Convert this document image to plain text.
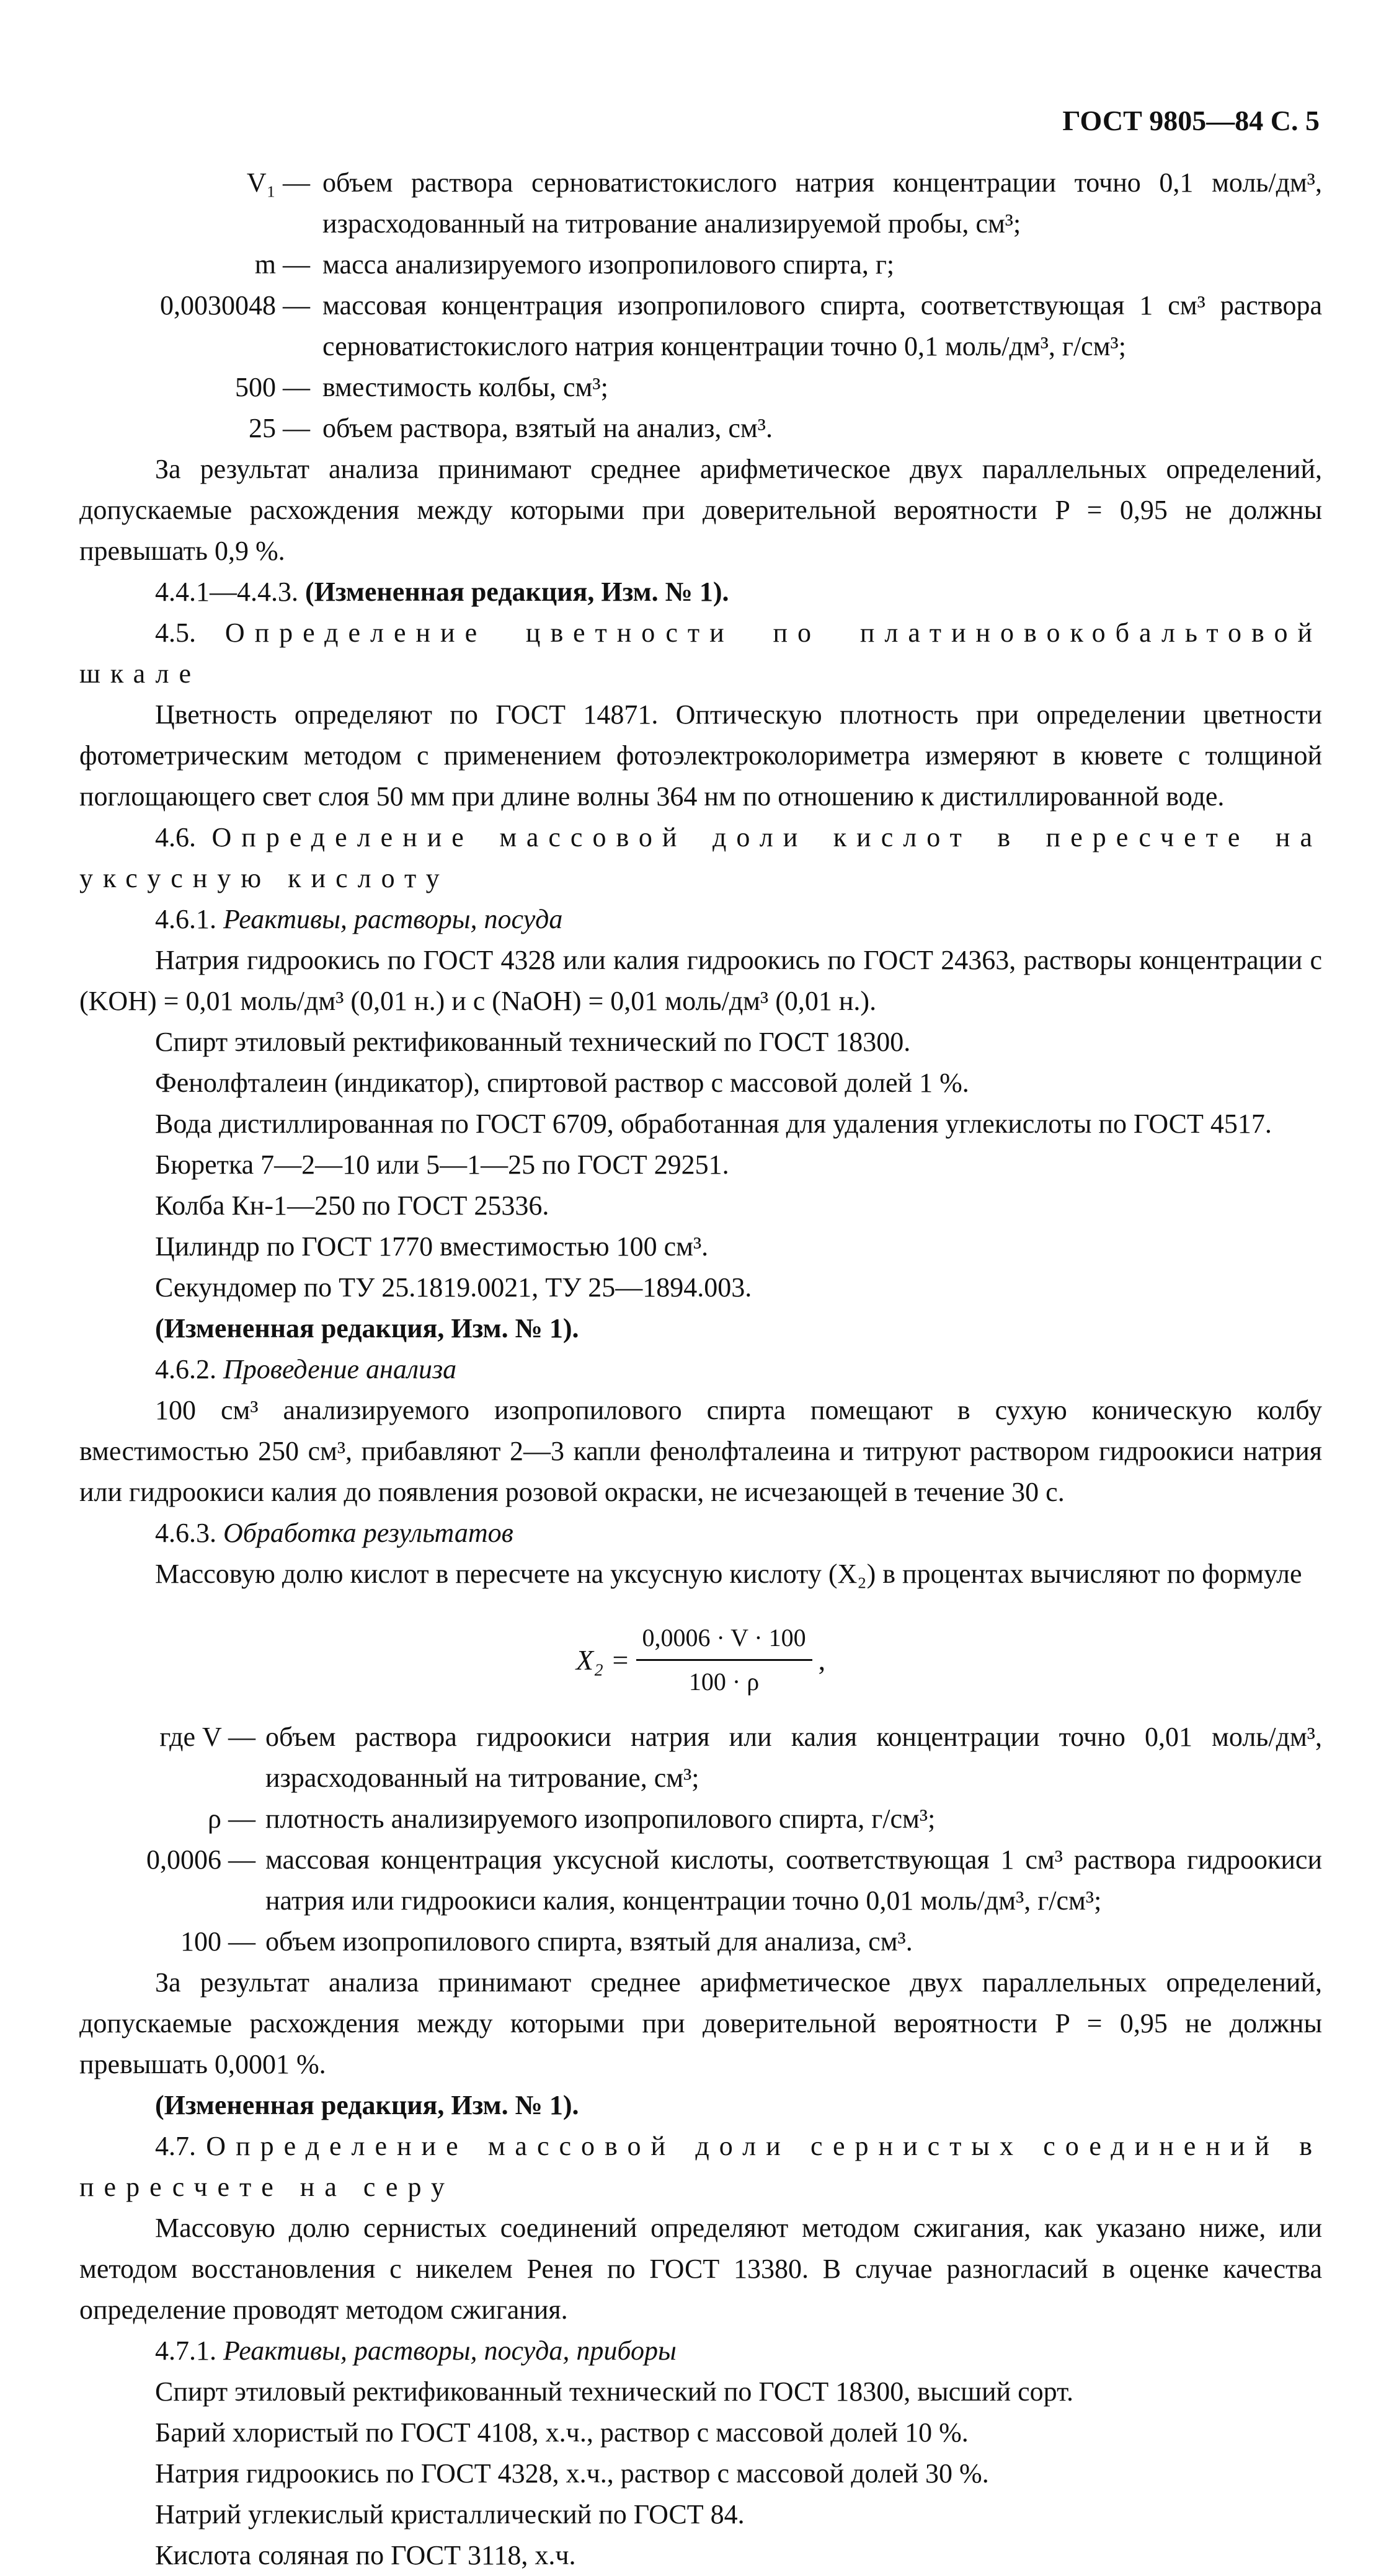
ГОСТ 9805—84 С. 5
V₁ — объем раствора серноватистокислого натрия концентрации точно 0,1 моль/дм³, израсходованный на титрование анализируемой пробы, см³;
m — масса анализируемого изопропилового спирта, г;
0,0030048 — массовая концентрация изопропилового спирта, соответствующая 1 см³ раствора серноватистокислого натрия концентрации точно 0,1 моль/дм³, г/см³;
500 — вместимость колбы, см³;
25 — объем раствора, взятый на анализ, см³.

За результат анализа принимают среднее арифметическое двух параллельных определений, допускаемые расхождения между которыми при доверительной вероятности P = 0,95 не должны превышать 0,9 %.

4.4.1—4.4.3. (Измененная редакция, Изм. № 1).

4.5. Определение цветности по платиновокобальтовой шкале

Цветность определяют по ГОСТ 14871. Оптическую плотность при определении цветности фотометрическим методом с применением фотоэлектроколориметра измеряют в кювете с толщиной поглощающего свет слоя 50 мм при длине волны 364 нм по отношению к дистиллированной воде.

4.6. Определение массовой доли кислот в пересчете на уксусную кислоту

4.6.1. Реактивы, растворы, посуда

Натрия гидроокись по ГОСТ 4328 или калия гидроокись по ГОСТ 24363, растворы концентрации c (KOH) = 0,01 моль/дм³ (0,01 н.) и c (NaOH) = 0,01 моль/дм³ (0,01 н.).

Спирт этиловый ректификованный технический по ГОСТ 18300.

Фенолфталеин (индикатор), спиртовой раствор с массовой долей 1 %.

Вода дистиллированная по ГОСТ 6709, обработанная для удаления углекислоты по ГОСТ 4517.

Бюретка 7—2—10 или 5—1—25 по ГОСТ 29251.

Колба Кн-1—250 по ГОСТ 25336.

Цилиндр по ГОСТ 1770 вместимостью 100 см³.

Секундомер по ТУ 25.1819.0021, ТУ 25—1894.003.

(Измененная редакция, Изм. № 1).

4.6.2. Проведение анализа

100 см³ анализируемого изопропилового спирта помещают в сухую коническую колбу вместимостью 250 см³, прибавляют 2—3 капли фенолфталеина и титруют раствором гидроокиси натрия или гидроокиси калия до появления розовой окраски, не исчезающей в течение 30 с.

4.6.3. Обработка результатов

Массовую долю кислот в пересчете на уксусную кислоту (X₂) в процентах вычисляют по формуле

$X_2 = \frac{0,0006 \cdot V \cdot 100}{100 \cdot \rho}$ ,
где V — объем раствора гидроокиси натрия или калия концентрации точно 0,01 моль/дм³, израсходованный на титрование, см³;
ρ — плотность анализируемого изопропилового спирта, г/см³;
0,0006 — массовая концентрация уксусной кислоты, соответствующая 1 см³ раствора гидроокиси натрия или гидроокиси калия, концентрации точно 0,01 моль/дм³, г/см³;
100 — объем изопропилового спирта, взятый для анализа, см³.

За результат анализа принимают среднее арифметическое двух параллельных определений, допускаемые расхождения между которыми при доверительной вероятности P = 0,95 не должны превышать 0,0001 %.

(Измененная редакция, Изм. № 1).

4.7. Определение массовой доли сернистых соединений в пересчете на серу

Массовую долю сернистых соединений определяют методом сжигания, как указано ниже, или методом восстановления с никелем Ренея по ГОСТ 13380. В случае разногласий в оценке качества определение проводят методом сжигания.

4.7.1. Реактивы, растворы, посуда, приборы

Спирт этиловый ректификованный технический по ГОСТ 18300, высший сорт.

Барий хлористый по ГОСТ 4108, х.ч., раствор с массовой долей 10 %.

Натрия гидроокись по ГОСТ 4328, х.ч., раствор с массовой долей 30 %.

Натрий углекислый кристаллический по ГОСТ 84.

Кислота соляная по ГОСТ 3118, х.ч.
